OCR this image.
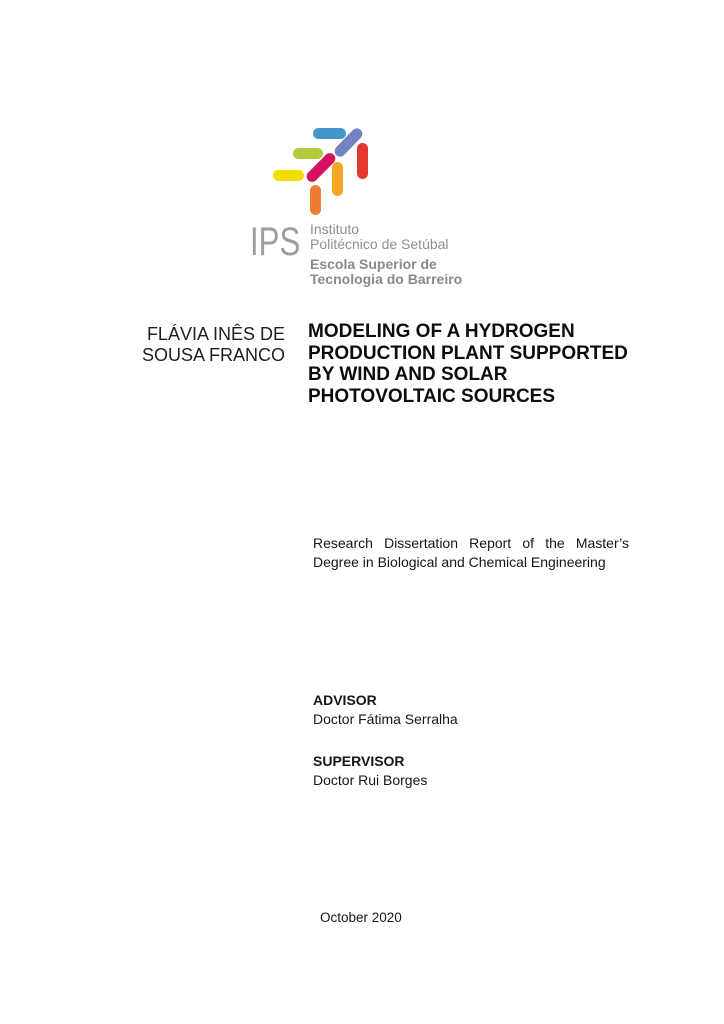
IPS Instituto
Politécnico de Setúbal
Escola Superior de
Tecnologia do Barreiro
FLÁVIA INÊS DE
SOUSA FRANCO
MODELING OF A HYDROGEN
PRODUCTION PLANT SUPPORTED
BY WIND AND SOLAR
PHOTOVOLTAIC SOURCES
Research Dissertation Report of the Master’s
Degree in Biological and Chemical Engineering
ADVISOR
Doctor Fátima Serralha
SUPERVISOR
Doctor Rui Borges
October 2020
